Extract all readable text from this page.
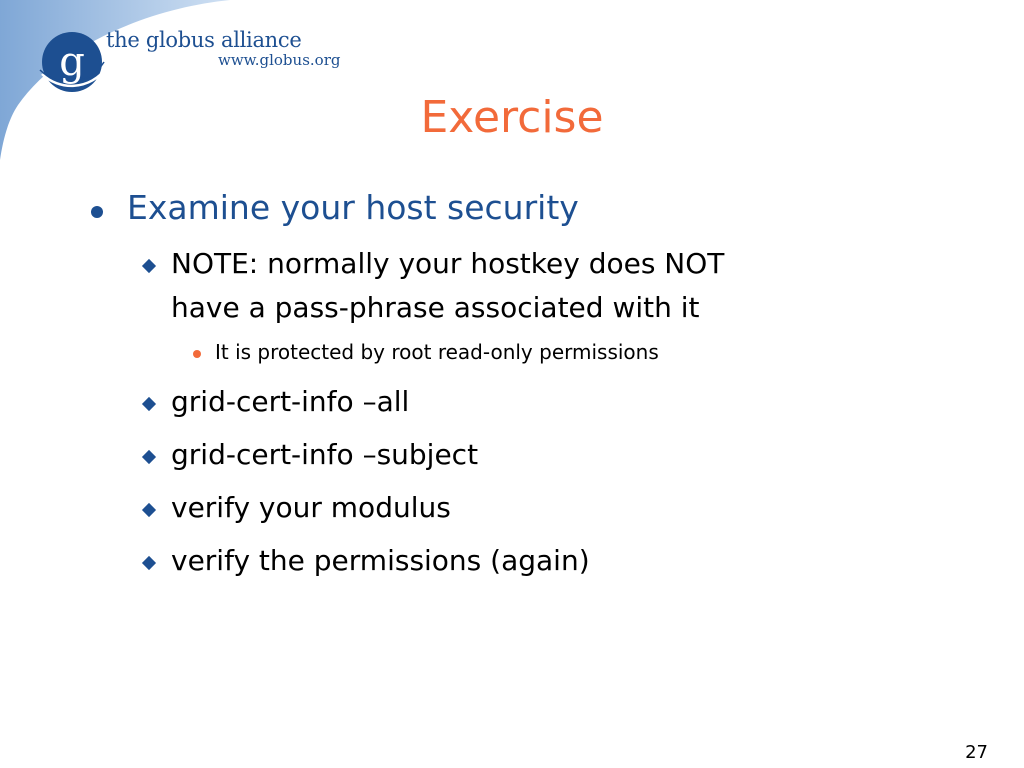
g the globus alliance
www.globus.org
Exercise
Examine your host security
NOTE: normally your hostkey does NOT
have a pass-phrase associated with it
It is protected by root read-only permissions
grid-cert-info –all
grid-cert-info –subject
verify your modulus
verify the permissions (again)
27
